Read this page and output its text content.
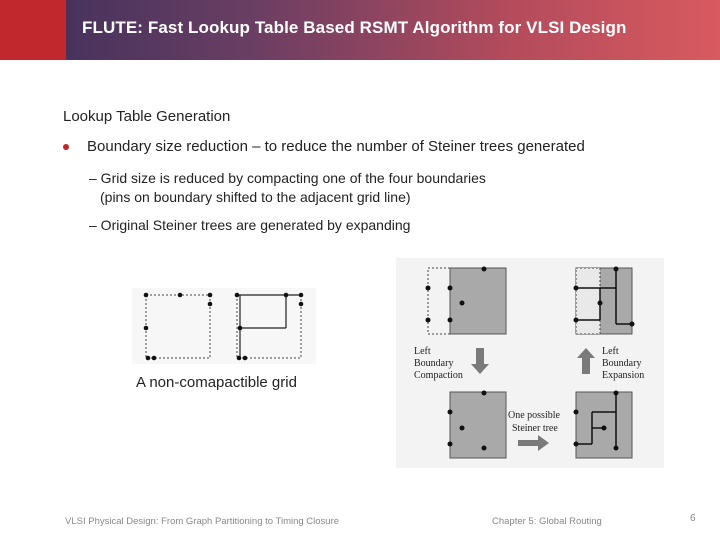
FLUTE: Fast Lookup Table Based RSMT Algorithm for VLSI Design
Lookup Table Generation
Boundary size reduction – to reduce the number of Steiner trees generated
– Grid size is reduced by compacting one of the four boundaries
(pins on boundary shifted to the adjacent grid line)
– Original Steiner trees are generated by expanding
A non-comapactible grid
Left
Boundary
Compaction
Left
Boundary
Expansion
One possible
Steiner tree
VLSI Physical Design: From Graph Partitioning to Timing Closure	Chapter 5: Global Routing	6
